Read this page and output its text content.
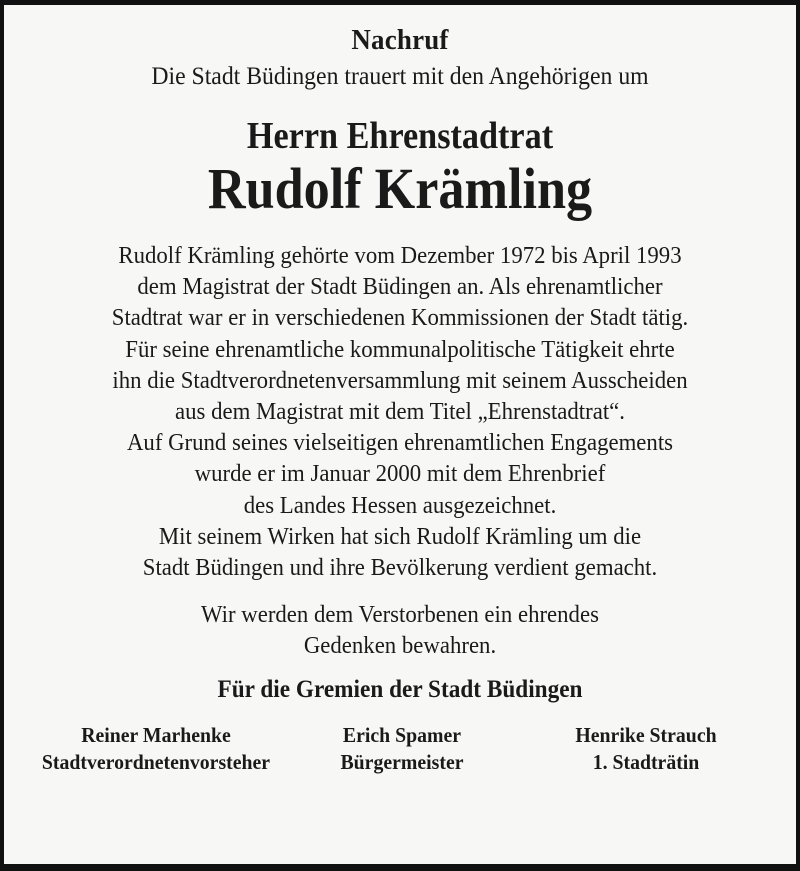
Nachruf
Die Stadt Büdingen trauert mit den Angehörigen um
Herrn Ehrenstadtrat
Rudolf Krämling
Rudolf Krämling gehörte vom Dezember 1972 bis April 1993
dem Magistrat der Stadt Büdingen an. Als ehrenamtlicher
Stadtrat war er in verschiedenen Kommissionen der Stadt tätig.
Für seine ehrenamtliche kommunalpolitische Tätigkeit ehrte
ihn die Stadtverordnetenversammlung mit seinem Ausscheiden
aus dem Magistrat mit dem Titel „Ehrenstadtrat“.
Auf Grund seines vielseitigen ehrenamtlichen Engagements
wurde er im Januar 2000 mit dem Ehrenbrief
des Landes Hessen ausgezeichnet.
Mit seinem Wirken hat sich Rudolf Krämling um die
Stadt Büdingen und ihre Bevölkerung verdient gemacht.
Wir werden dem Verstorbenen ein ehrendes
Gedenken bewahren.
Für die Gremien der Stadt Büdingen
Reiner Marhenke
Stadtverordnetenvorsteher
Erich Spamer
Bürgermeister
Henrike Strauch
1. Stadträtin
